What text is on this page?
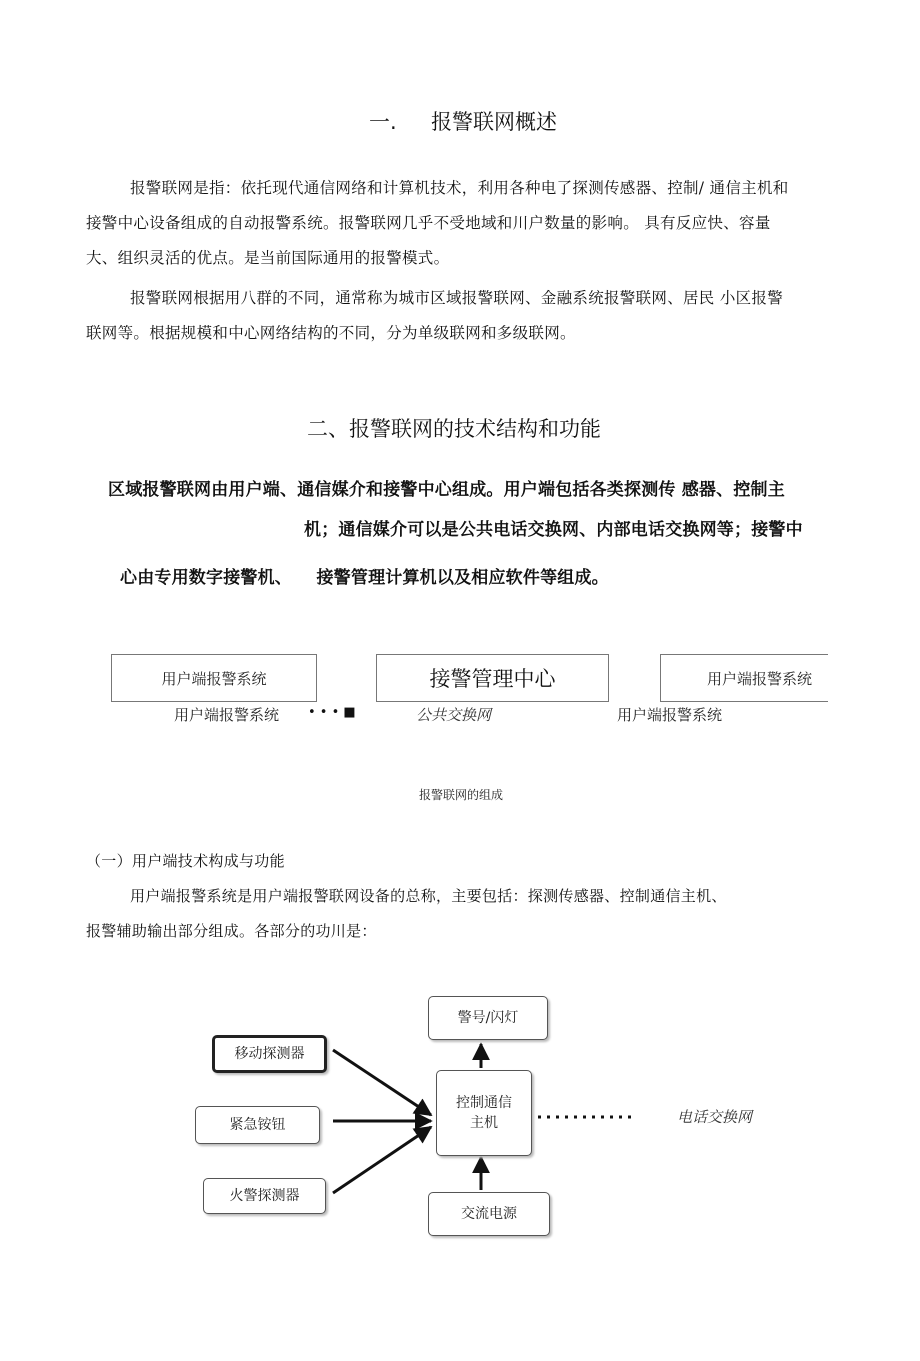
一. 报警联网概述
报警联网是指：依托现代通信网络和计算机技术，利用各种电了探测传感器、控制/ 通信主机和
接警中心设备组成的自动报警系统。报警联网几乎不受地域和川户数量的影响。 具有反应快、容量
大、组织灵活的优点。是当前国际通用的报警模式。
报警联网根据用八群的不同，通常称为城市区域报警联网、金融系统报警联网、居民 小区报警
联网等。根据规模和中心网络结构的不同，分为单级联网和多级联网。
二、报警联网的技术结构和功能
区域报警联网由用户端、通信媒介和接警中心组成。用户端包括各类探测传 感器、控制主
机；通信媒介可以是公共电话交换网、内部电话交换网等；接警中
心由专用数字接警机、    接警管理计算机以及相应软件等组成。
用户端报警系统	接警管理中心	用户端报警系统
用户端报警系统 • • • ■	公共交换网	用户端报警系统
报警联网的组成
（一）用户端技术构成与功能
用户端报警系统是用户端报警联网设备的总称，主要包括：探测传感器、控制通信主机、
报警辅助输出部分组成。各部分的功川是：
警号/闪灯
移动探测器
紧急铵钮
火警探测器
控制通信
主机
交流电源
电话交换网
